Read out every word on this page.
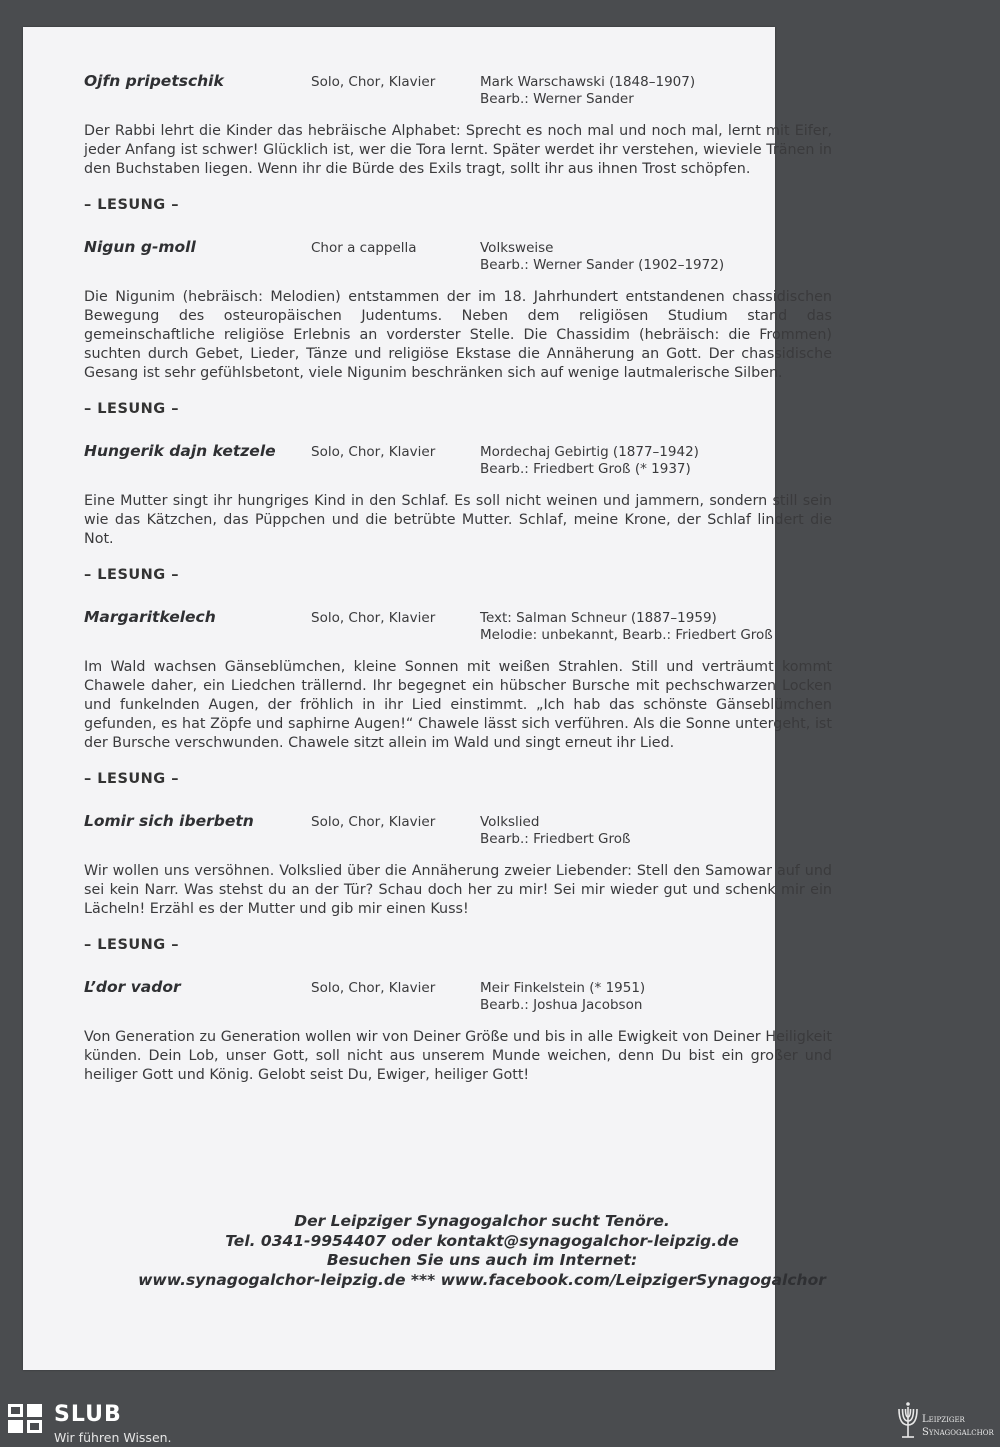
Ojfn pripetschik	Solo, Chor, Klavier	Mark Warschawski (1848–1907)
Bearb.: Werner Sander

Der Rabbi lehrt die Kinder das hebräische Alphabet: Sprecht es noch mal und noch mal, lernt mit Eifer, jeder Anfang ist schwer! Glücklich ist, wer die Tora lernt. Später werdet ihr verstehen, wieviele Tränen in den Buchstaben liegen. Wenn ihr die Bürde des Exils tragt, sollt ihr aus ihnen Trost schöpfen.

– LESUNG –
Nigun g-moll	Chor a cappella	Volksweise
Bearb.: Werner Sander (1902–1972)

Die Nigunim (hebräisch: Melodien) entstammen der im 18. Jahrhundert entstandenen chassidischen Bewegung des osteuropäischen Judentums. Neben dem religiösen Studium stand das gemeinschaftliche religiöse Erlebnis an vorderster Stelle. Die Chassidim (hebräisch: die Frommen) suchten durch Gebet, Lieder, Tänze und religiöse Ekstase die Annäherung an Gott. Der chassidische Gesang ist sehr gefühlsbetont, viele Nigunim beschränken sich auf wenige lautmalerische Silben.

– LESUNG –
Hungerik dajn ketzele	Solo, Chor, Klavier	Mordechaj Gebirtig (1877–1942)
Bearb.: Friedbert Groß (* 1937)

Eine Mutter singt ihr hungriges Kind in den Schlaf. Es soll nicht weinen und jammern, sondern still sein wie das Kätzchen, das Püppchen und die betrübte Mutter. Schlaf, meine Krone, der Schlaf lindert die Not.

– LESUNG –
Margaritkelech	Solo, Chor, Klavier	Text: Salman Schneur (1887–1959)
Melodie: unbekannt, Bearb.: Friedbert Groß

Im Wald wachsen Gänseblümchen, kleine Sonnen mit weißen Strahlen. Still und verträumt kommt Chawele daher, ein Liedchen trällernd. Ihr begegnet ein hübscher Bursche mit pechschwarzen Locken und funkelnden Augen, der fröhlich in ihr Lied einstimmt. „Ich hab das schönste Gänseblümchen gefunden, es hat Zöpfe und saphirne Augen!“ Chawele lässt sich verführen. Als die Sonne untergeht, ist der Bursche verschwunden. Chawele sitzt allein im Wald und singt erneut ihr Lied.

– LESUNG –
Lomir sich iberbetn	Solo, Chor, Klavier	Volkslied
Bearb.: Friedbert Groß

Wir wollen uns versöhnen. Volkslied über die Annäherung zweier Liebender: Stell den Samowar auf und sei kein Narr. Was stehst du an der Tür? Schau doch her zu mir! Sei mir wieder gut und schenk mir ein Lächeln! Erzähl es der Mutter und gib mir einen Kuss!

– LESUNG –
L’dor vador	Solo, Chor, Klavier	Meir Finkelstein (* 1951)
Bearb.: Joshua Jacobson

Von Generation zu Generation wollen wir von Deiner Größe und bis in alle Ewigkeit von Deiner Heiligkeit künden. Dein Lob, unser Gott, soll nicht aus unserem Munde weichen, denn Du bist ein großer und heiliger Gott und König. Gelobt seist Du, Ewiger, heiliger Gott!

Der Leipziger Synagogalchor sucht Tenöre.
Tel. 0341-9954407 oder kontakt@synagogalchor-leipzig.de
Besuchen Sie uns auch im Internet:
www.synagogalchor-leipzig.de *** www.facebook.com/LeipzigerSynagogalchor
SLUB
Wir führen Wissen.
Leipziger
Synagogalchor
